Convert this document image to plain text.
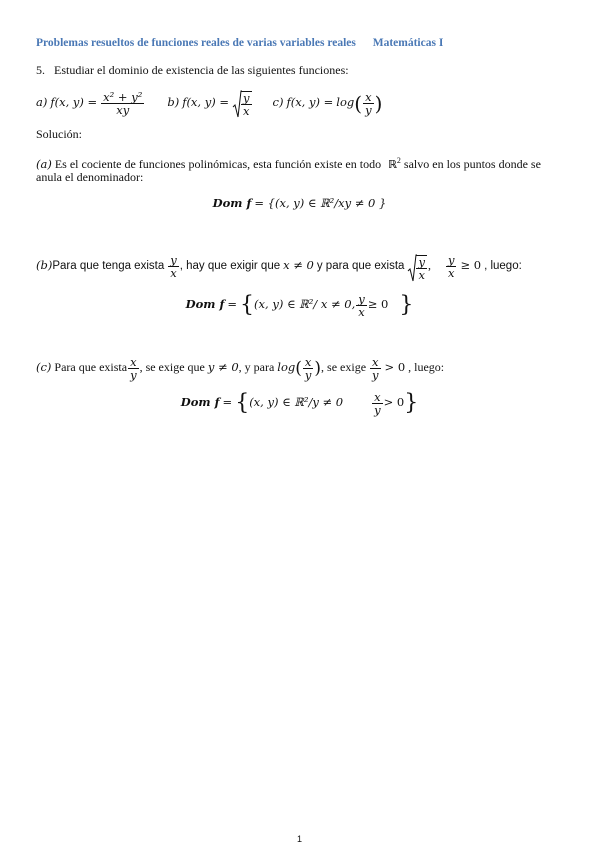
Problemas resueltos de funciones reales de varias variables reales Matemáticas I
5. Estudiar el dominio de existencia de las siguientes funciones:
a) f(x, $y) = \frac{\text{x² + y²}}{xy} b$) f(x, $y) = \frac{y}{x} c$) f(x, $y) = \log( \frac{x}{y}$ )
Solución:
(a) Es el cociente de funciones polinómicas, esta función existe en todo ℝ$^2$ salvo en los puntos donde se
anula el denominador:
Dom f = {(x, y) ∈ ℝ²/xy ≠ 0 }
(b)Para que tenga exista $\frac{y}{x}$ , hay que exigir que x ≠ 0 y para que exista $\frac{y}{x}$ , $\frac{y}{x} \ge 0$ , luego:
Dom f = {(x, y) ∈ ℝ²/ x ≠ 0, $\frac{y}{x} \ge 0$ }
(c) Para que exista $\frac{x}{y}$ , se exige que y ≠ 0, y para $\log( \frac{x}{y}$ ), se exige $\frac{x}{y} > 0$ , luego:
Dom f = {(x, y) ∈ ℝ²/y ≠ 0	$\frac{x}{y} > 0$}
1
